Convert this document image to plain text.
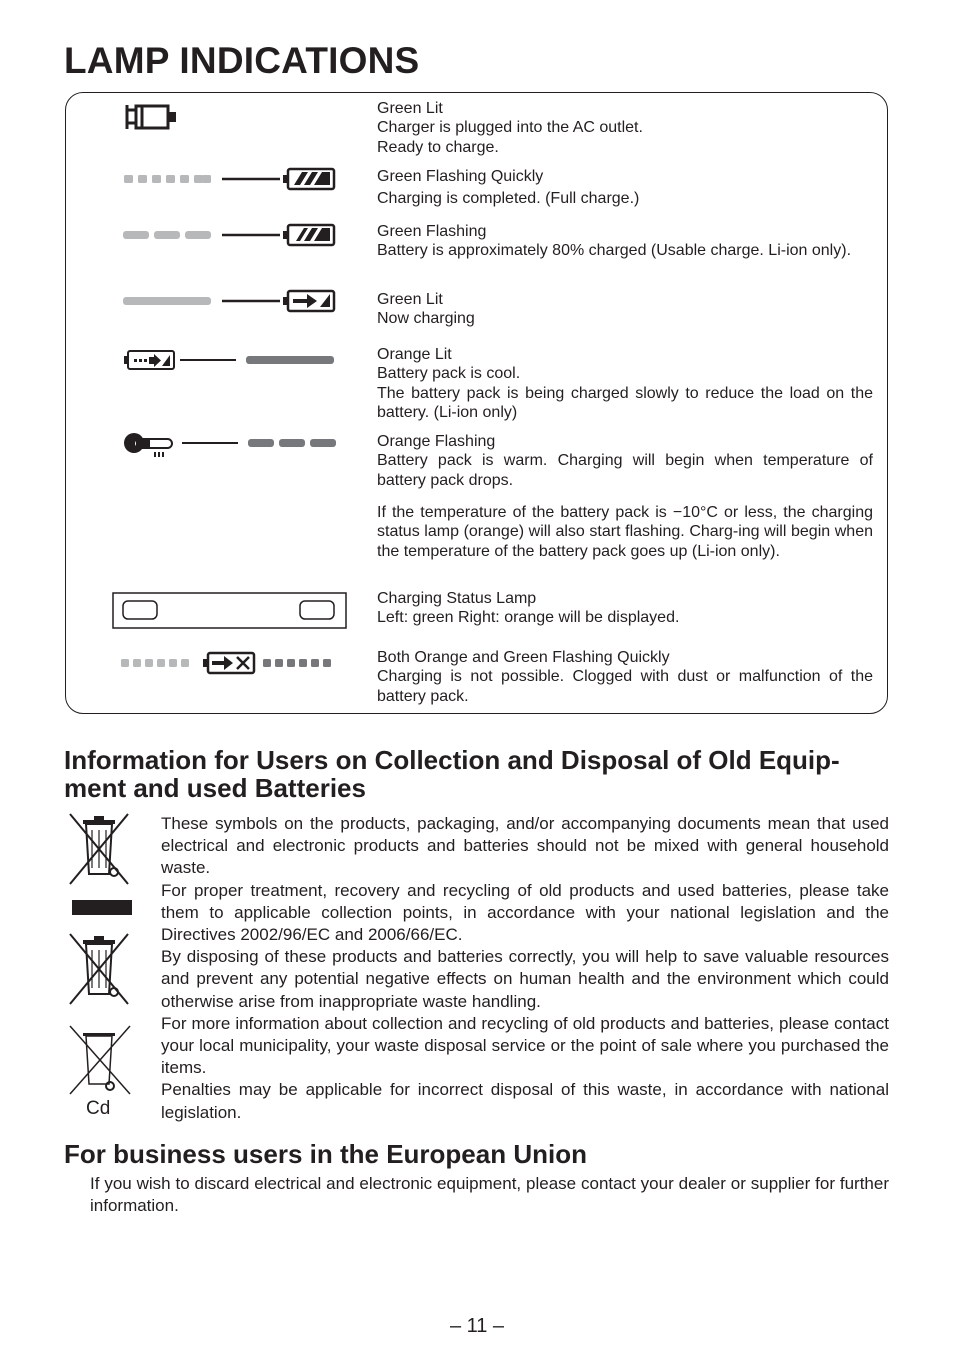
LAMP INDICATIONS
Green Lit
Charger is plugged into the AC outlet.
Ready to charge.
Green Flashing Quickly
Charging is completed. (Full charge.)
Green Flashing
Battery is approximately 80% charged (Usable charge. Li-ion only).
Green Lit
Now charging
Orange Lit
Battery pack is cool.
The battery pack is being charged slowly to reduce the load on the battery. (Li-ion only)
Orange Flashing
Battery pack is warm. Charging will begin when temperature of battery pack drops.
If the temperature of the battery pack is −10°C or less, the charging status lamp (orange) will also start flashing. Charg-ing will begin when the temperature of the battery pack goes up (Li-ion only).
Charging Status Lamp
Left: green Right: orange will be displayed.
Both Orange and Green Flashing Quickly
Charging is not possible. Clogged with dust or malfunction of the battery pack.
Information for Users on Collection and Disposal of Old Equip-ment and used Batteries
Cd

These symbols on the products, packaging, and/or accompanying documents mean that used electrical and electronic products and batteries should not be mixed with general household waste.

For proper treatment, recovery and recycling of old products and used batteries, please take them to applicable collection points, in accordance with your national legislation and the Directives 2002/96/EC and 2006/66/EC.

By disposing of these products and batteries correctly, you will help to save valuable resources and prevent any potential negative effects on human health and the environment which could otherwise arise from inappropriate waste handling.

For more information about collection and recycling of old products and batteries, please contact your local municipality, your waste disposal service or the point of sale where you purchased the items.

Penalties may be applicable for incorrect disposal of this waste, in accordance with national legislation.

For business users in the European Union

If you wish to discard electrical and electronic equipment, please contact your dealer or supplier for further information.

– 11 –
